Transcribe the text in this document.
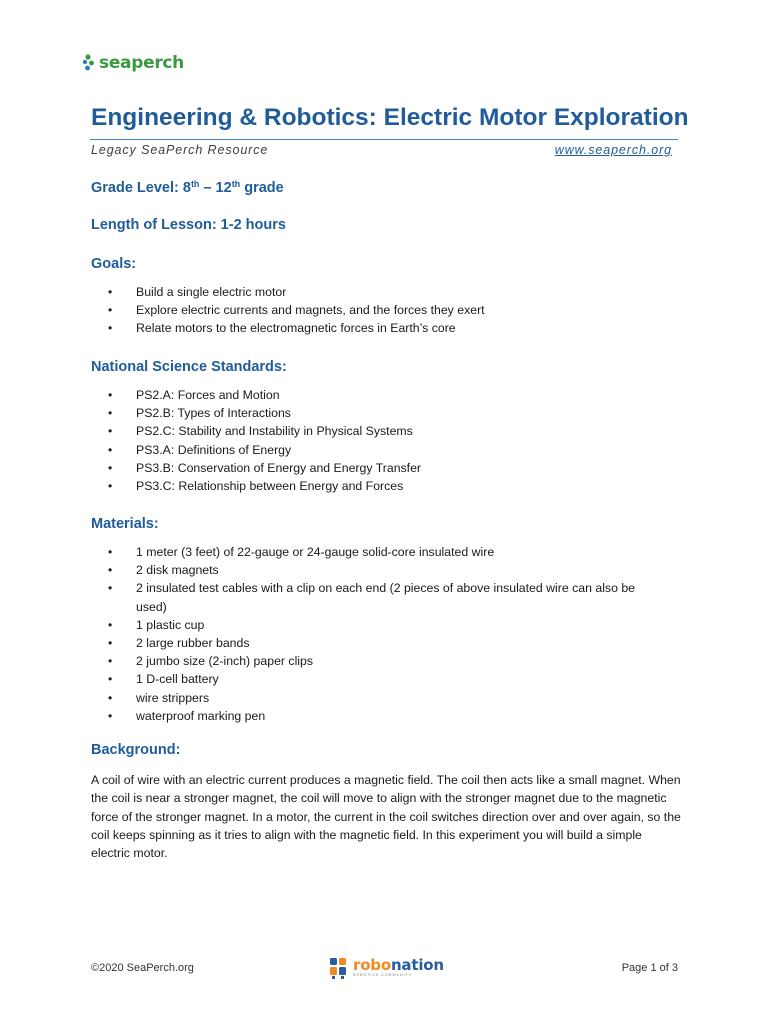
seaperch
Engineering & Robotics: Electric Motor Exploration
Legacy SeaPerch Resource	www.seaperch.org
Grade Level: 8th – 12th grade
Length of Lesson: 1-2 hours
Goals:
• Build a single electric motor
• Explore electric currents and magnets, and the forces they exert
• Relate motors to the electromagnetic forces in Earth’s core
National Science Standards:
• PS2.A: Forces and Motion
• PS2.B: Types of Interactions
• PS2.C: Stability and Instability in Physical Systems
• PS3.A: Definitions of Energy
• PS3.B: Conservation of Energy and Energy Transfer
• PS3.C: Relationship between Energy and Forces
Materials:
• 1 meter (3 feet) of 22-gauge or 24-gauge solid-core insulated wire
• 2 disk magnets
• 2 insulated test cables with a clip on each end (2 pieces of above insulated wire can also be used)
• 1 plastic cup
• 2 large rubber bands
• 2 jumbo size (2-inch) paper clips
• 1 D-cell battery
• wire strippers
• waterproof marking pen
Background:

A coil of wire with an electric current produces a magnetic field. The coil then acts like a small magnet. When the coil is near a stronger magnet, the coil will move to align with the stronger magnet due to the magnetic force of the stronger magnet. In a motor, the current in the coil switches direction over and over again, so the coil keeps spinning as it tries to align with the magnetic field. In this experiment you will build a simple electric motor.

©2020 SeaPerch.org	robonation
ROBOTICS COMMUNITY
Page 1 of 3
